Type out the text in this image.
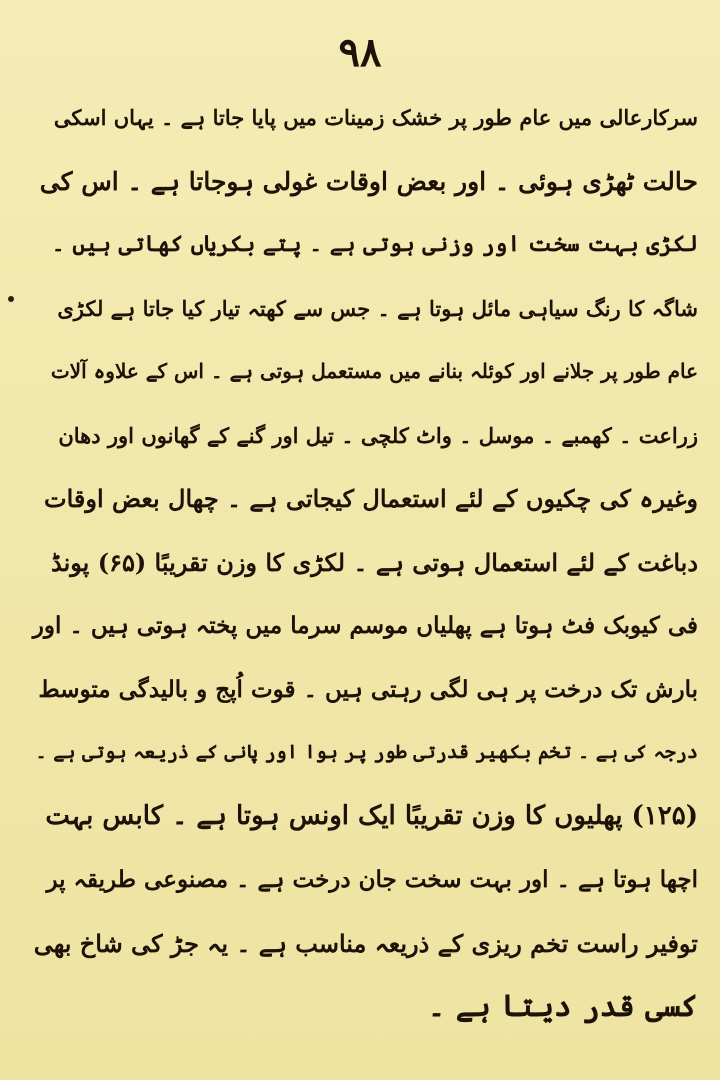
۹۸
سرکارعالی میں عام طور پر خشک زمینات میں پایا جاتا ہے ۔ یہاں اسکی
حالت ٹھڑی ہوئی ۔ اور بعض اوقات غولی ہوجاتا ہے ۔ اس کی
لکڑی بہت سخت اور وزنی ہوتی ہے ۔ پتے بکریاں کھاتی ہیں ۔
شاگہ کا رنگ سیاہی مائل ہوتا ہے ۔ جس سے کھتہ تیار کیا جاتا ہے لکڑی
عام طور پر جلانے اور کوئلہ بنانے میں مستعمل ہوتی ہے ۔ اس کے علاوہ آلات
زراعت ۔ کھمبے ۔ موسل ۔ واٹ کلچی ۔ تیل اور گنے کے گھانوں اور دھان
وغیرہ کی چکیوں کے لئے استعمال کیجاتی ہے ۔ چھال بعض اوقات
دباغت کے لئے استعمال ہوتی ہے ۔ لکڑی کا وزن تقریبًا (۶۵) پونڈ
فی کیوبک فٹ ہوتا ہے پھلیاں موسم سرما میں پختہ ہوتی ہیں ۔ اور
بارش تک درخت پر ہی لگی رہتی ہیں ۔ قوت اُپج و بالیدگی متوسط
درجہ کی ہے ۔ تخم بکھیر قدرتی طور پر ہوا اور پانی کے ذریعہ ہوتی ہے ۔
(۱۲۵) پھلیوں کا وزن تقریبًا ایک اونس ہوتا ہے ۔ کابس بہت
اچھا ہوتا ہے ۔ اور بہت سخت جان درخت ہے ۔ مصنوعی طریقہ پر
توفیر راست تخم ریزی کے ذریعہ مناسب ہے ۔ یہ جڑ کی شاخ بھی
کسی قدر دیتا ہے ۔
